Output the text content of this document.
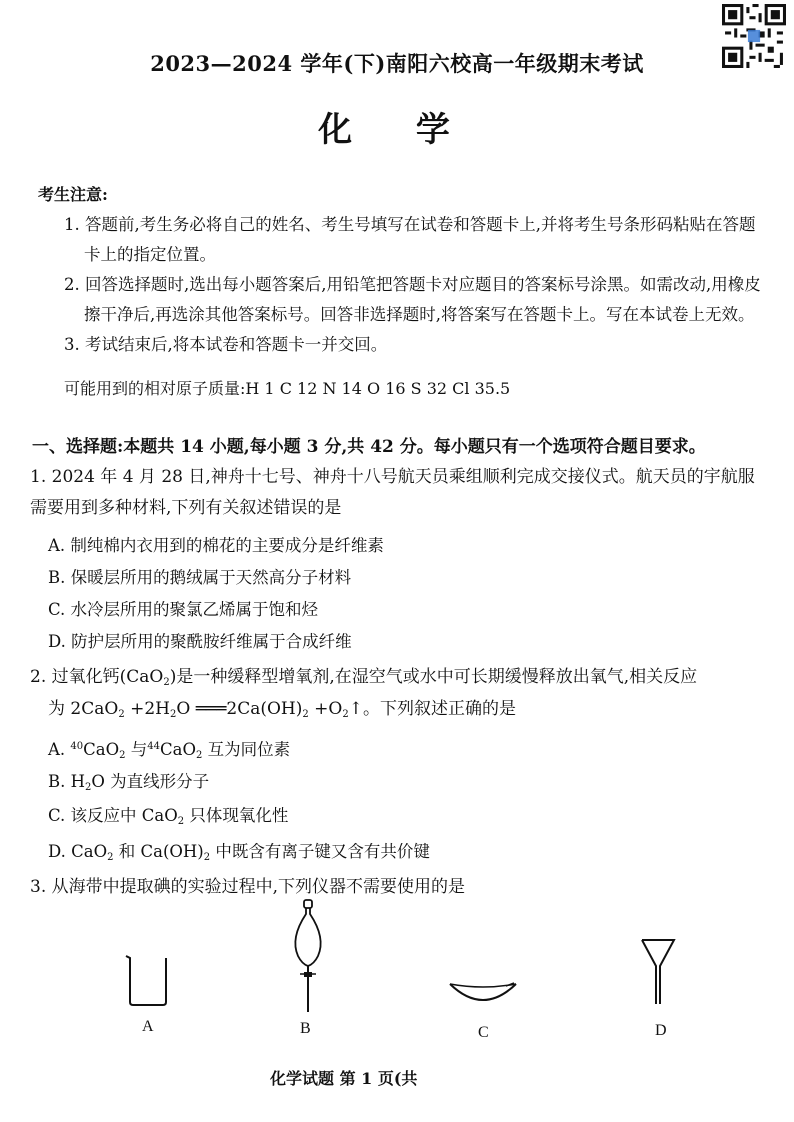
2023—2024 学年(下)南阳六校高一年级期末考试
化 学
考生注意:

1. 答题前,考生务必将自己的姓名、考生号填写在试卷和答题卡上,并将考生号条形码粘贴在答题卡上的指定位置。

2. 回答选择题时,选出每小题答案后,用铅笔把答题卡对应题目的答案标号涂黑。如需改动,用橡皮擦干净后,再选涂其他答案标号。回答非选择题时,将答案写在答题卡上。写在本试卷上无效。

3. 考试结束后,将本试卷和答题卡一并交回。

可能用到的相对原子质量:H 1 C 12 N 14 O 16 S 32 Cl 35.5
一、选择题:本题共 14 小题,每小题 3 分,共 42 分。每小题只有一个选项符合题目要求。

1. 2024 年 4 月 28 日,神舟十七号、神舟十八号航天员乘组顺利完成交接仪式。航天员的宇航服需要用到多种材料,下列有关叙述错误的是

A. 制纯棉内衣用到的棉花的主要成分是纤维素
B. 保暖层所用的鹅绒属于天然高分子材料
C. 水冷层所用的聚氯乙烯属于饱和烃
D. 防护层所用的聚酰胺纤维属于合成纤维
2. 过氧化钙(CaO$_2$)是一种缓释型增氧剂,在湿空气或水中可长期缓慢释放出氧气,相关反应
为 $2CaO_2 +2H_2O$ $═══2Ca(OH)_2$ $+O_2↑$。下列叙述正确的是
A. $^{40}$CaO$_2$ 与$^{44}$CaO$_2$ 互为同位素
B. $H_2O$ 为直线形分子
C. 该反应中 CaO$_2$ 只体现氧化性
D. CaO$_2$ 和 $Ca(OH)_2$ 中既含有离子键又含有共价键
3. 从海带中提取碘的实验过程中,下列仪器不需要使用的是
A	B	C	D
化学试题 第 1 页(共
